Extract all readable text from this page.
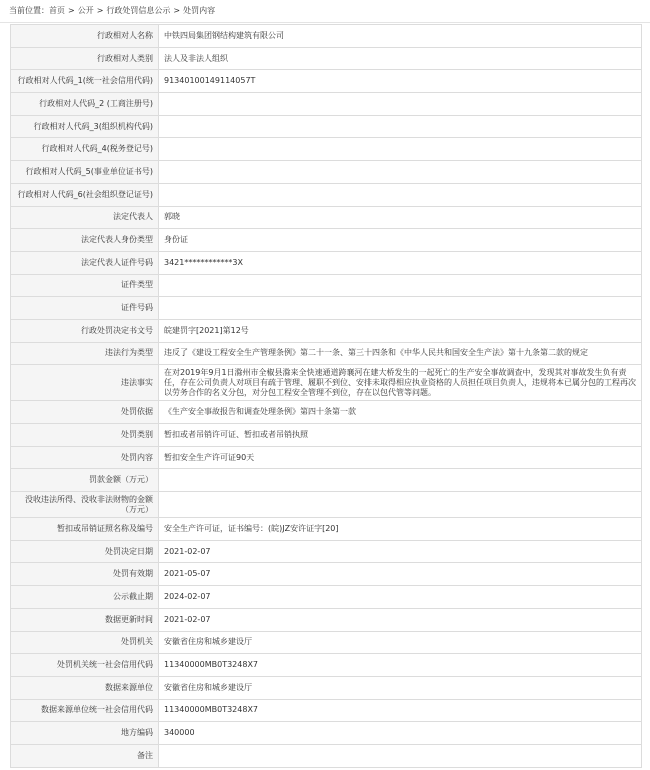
当前位置：首页 > 公开 > 行政处罚信息公示 > 处罚内容
行政相对人名称	中铁四局集团钢结构建筑有限公司
行政相对人类别	法人及非法人组织
行政相对人代码_1(统一社会信用代码)	91340100149114057T
行政相对人代码_2 (工商注册号)	
行政相对人代码_3(组织机构代码)	
行政相对人代码_4(税务登记号)	
行政相对人代码_5(事业单位证书号)	
行政相对人代码_6(社会组织登记证号)	
法定代表人	郭晓
法定代表人身份类型	身份证
法定代表人证件号码	3421************3X
证件类型	
证件号码	
行政处罚决定书文号	皖建罚字[2021]第12号
违法行为类型	违反了《建设工程安全生产管理条例》第二十一条、第三十四条和《中华人民共和国安全生产法》第十九条第二款的规定
违法事实	在对2019年9月1日滁州市全椒县滁来全快速通道跨襄河在建大桥发生的一起死亡的生产安全事故调查中，发现其对事故发生负有责任，存在公司负责人对项目有疏于管理、履职不到位、安排未取得相应执业资格的人员担任项目负责人，违规将本已属分包的工程再次以劳务合作的名义分包，对分包工程安全管理不到位，存在以包代管等问题。
处罚依据	《生产安全事故报告和调查处理条例》第四十条第一款
处罚类别	暂扣或者吊销许可证、暂扣或者吊销执照
处罚内容	暂扣安全生产许可证90天
罚款金额（万元）	
没收违法所得、没收非法财物的金额（万元）	
暂扣或吊销证照名称及编号	安全生产许可证，证书编号：(皖)JZ安许证字[20]
处罚决定日期	2021-02-07
处罚有效期	2021-05-07
公示截止期	2024-02-07
数据更新时间	2021-02-07
处罚机关	安徽省住房和城乡建设厅
处罚机关统一社会信用代码	11340000MB0T3248X7
数据来源单位	安徽省住房和城乡建设厅
数据来源单位统一社会信用代码	11340000MB0T3248X7
地方编码	340000
备注	
